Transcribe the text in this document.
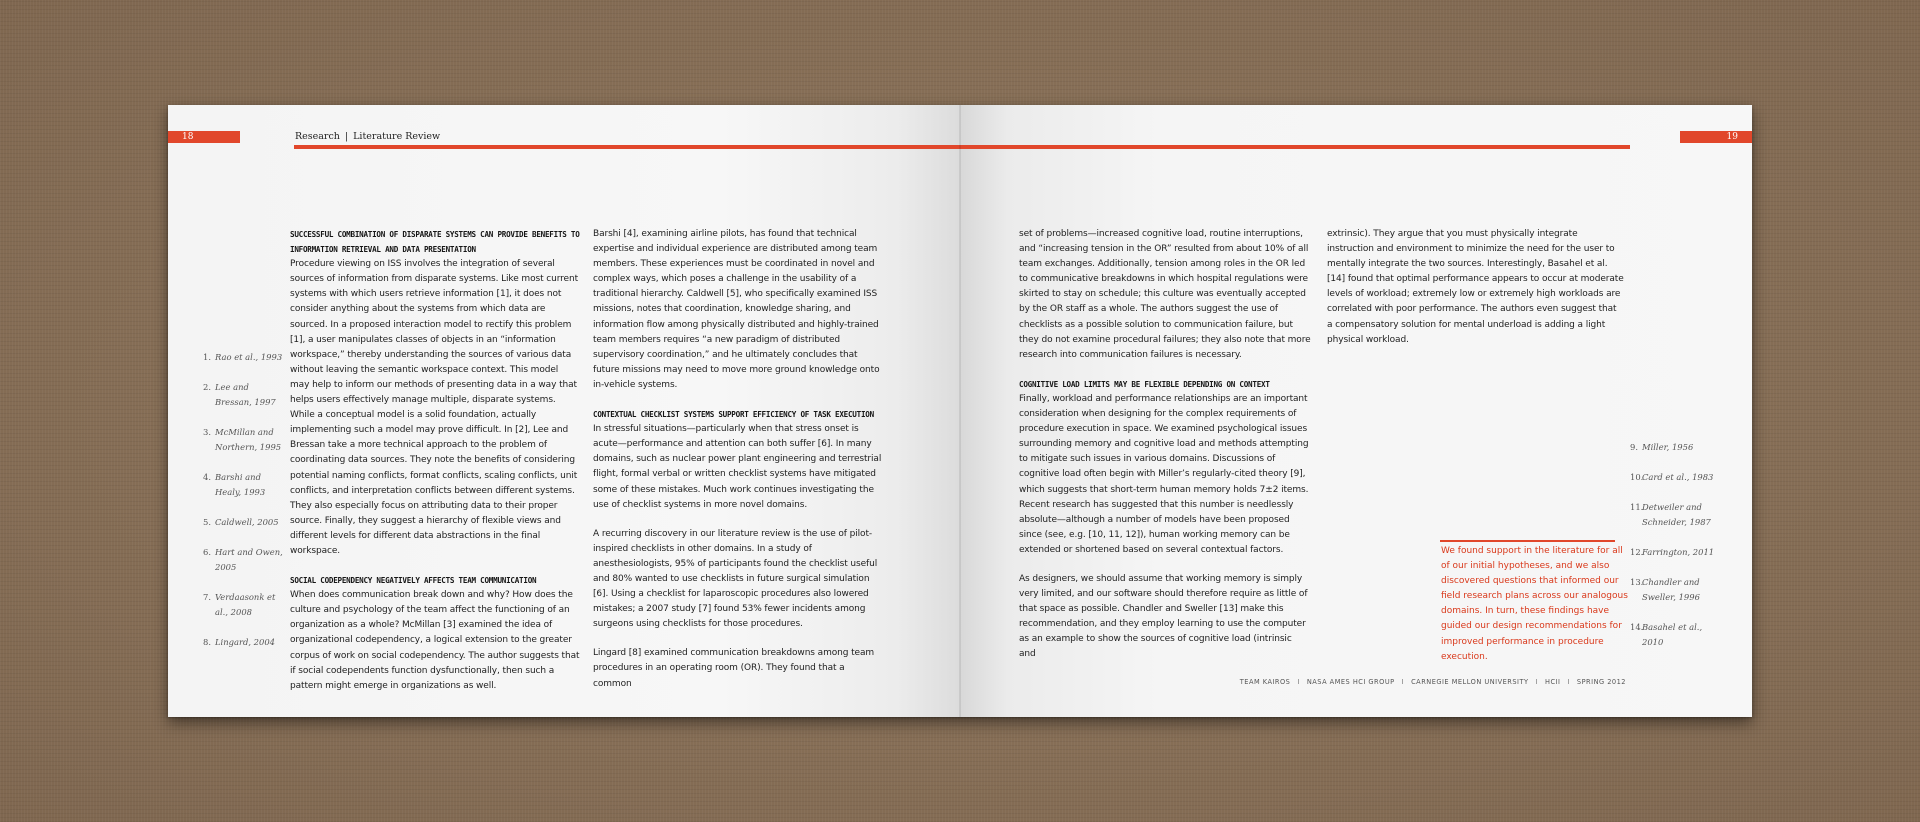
18	Research | Literature Review
SUCCESSFUL COMBINATION OF DISPARATE SYSTEMS CAN PROVIDE BENEFITS TO INFORMATION RETRIEVAL AND DATA PRESENTATION
Procedure viewing on ISS involves the integration of several sources of information from disparate systems. Like most current systems with which users retrieve information [1], it does not consider anything about the systems from which data are sourced. In a proposed interaction model to rectify this problem [1], a user manipulates classes of objects in an “information workspace,” thereby understanding the sources of various data without leaving the semantic workspace context. This model may help to inform our methods of presenting data in a way that helps users effectively manage multiple, disparate systems. While a conceptual model is a solid foundation, actually implementing such a model may prove difficult. In [2], Lee and Bressan take a more technical approach to the problem of coordinating data sources. They note the benefits of considering potential naming conflicts, format conflicts, scaling conflicts, unit conflicts, and interpretation conflicts between different systems. They also especially focus on attributing data to their proper source. Finally, they suggest a hierarchy of flexible views and different levels for different data abstractions in the final workspace.
SOCIAL CODEPENDENCY NEGATIVELY AFFECTS TEAM COMMUNICATION
When does communication break down and why? How does the culture and psychology of the team affect the functioning of an organization as a whole? McMillan [3] examined the idea of organizational codependency, a logical extension to the greater corpus of work on social codependency. The author suggests that if social codependents function dysfunctionally, then such a pattern might emerge in organizations as well.
Barshi [4], examining airline pilots, has found that technical expertise and individual experience are distributed among team members. These experiences must be coordinated in novel and complex ways, which poses a challenge in the usability of a traditional hierarchy. Caldwell [5], who specifically examined ISS missions, notes that coordination, knowledge sharing, and information flow among physically distributed and highly-trained team members requires “a new paradigm of distributed supervisory coordination,” and he ultimately concludes that future missions may need to move more ground knowledge onto in-vehicle systems.
CONTEXTUAL CHECKLIST SYSTEMS SUPPORT EFFICIENCY OF TASK EXECUTION
In stressful situations—particularly when that stress onset is acute—performance and attention can both suffer [6]. In many domains, such as nuclear power plant engineering and terrestrial flight, formal verbal or written checklist systems have mitigated some of these mistakes. Much work continues investigating the use of checklist systems in more novel domains.
A recurring discovery in our literature review is the use of pilot-inspired checklists in other domains. In a study of anesthesiologists, 95% of participants found the checklist useful and 80% wanted to use checklists in future surgical simulation [6]. Using a checklist for laparoscopic procedures also lowered mistakes; a 2007 study [7] found 53% fewer incidents among surgeons using checklists for those procedures.
Lingard [8] examined communication breakdowns among team procedures in an operating room (OR). They found that a common
1. Rao et al., 1993

2. Lee and
Bressan, 1997
3. McMillan and
Northern, 1995
4. Barshi and
Healy, 1993
5. Caldwell, 2005

6. Hart and Owen,
2005
7. Verdaasonk et
al., 2008
8. Lingard, 2004

19
set of problems—increased cognitive load, routine interruptions, and “increasing tension in the OR” resulted from about 10% of all team exchanges. Additionally, tension among roles in the OR led to communicative breakdowns in which hospital regulations were skirted to stay on schedule; this culture was eventually accepted by the OR staff as a whole. The authors suggest the use of checklists as a possible solution to communication failure, but they do not examine procedural failures; they also note that more research into communication failures is necessary.
COGNITIVE LOAD LIMITS MAY BE FLEXIBLE DEPENDING ON CONTEXT
Finally, workload and performance relationships are an important consideration when designing for the complex requirements of procedure execution in space. We examined psychological issues surrounding memory and cognitive load and methods attempting to mitigate such issues in various domains. Discussions of cognitive load often begin with Miller’s regularly-cited theory [9], which suggests that short-term human memory holds 7±2 items. Recent research has suggested that this number is needlessly absolute—although a number of models have been proposed since (see, e.g. [10, 11, 12]), human working memory can be extended or shortened based on several contextual factors.
As designers, we should assume that working memory is simply very limited, and our software should therefore require as little of that space as possible. Chandler and Sweller [13] make this recommendation, and they employ learning to use the computer as an example to show the sources of cognitive load (intrinsic and
extrinsic). They argue that you must physically integrate instruction and environment to minimize the need for the user to mentally integrate the two sources. Interestingly, Basahel et al. [14] found that optimal performance appears to occur at moderate levels of workload; extremely low or extremely high workloads are correlated with poor performance. The authors even suggest that a compensatory solution for mental underload is adding a light physical workload.
We found support in the literature for all of our initial hypotheses, and we also discovered questions that informed our field research plans across our analogous domains. In turn, these findings have guided our design recommendations for improved performance in procedure execution.
9. Miller, 1956

10.Card et al., 1983

11.Detweiler and
Schneider, 1987
12.Farrington, 2011

13.Chandler and
Sweller, 1996
14.Basahel et al.,
2010
TEAM KAIROS I NASA AMES HCI GROUP I CARNEGIE MELLON UNIVERSITY I HCII I SPRING 2012
